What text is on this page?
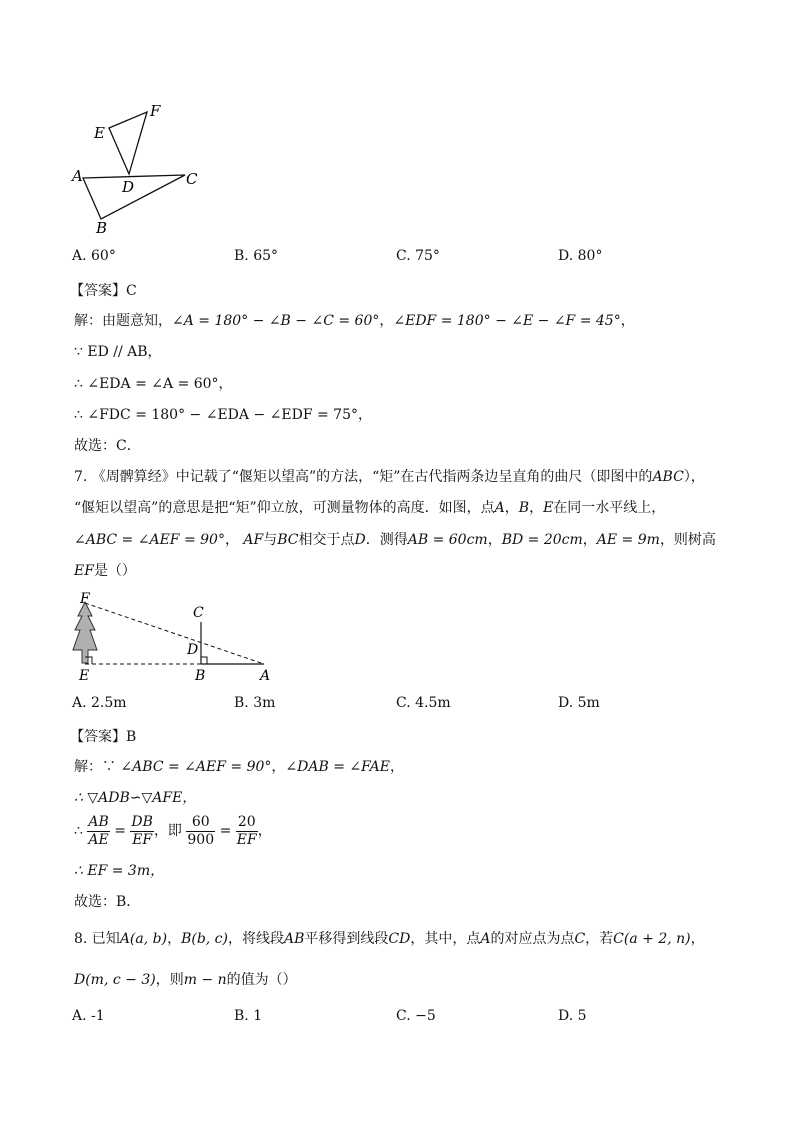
A
B
C
D
E
F
A. 60°	B. 65°	C. 75°	D. 80°
【答案】C
解：由题意知，∠A = 180° − ∠B − ∠C = 60°，∠EDF = 180° − ∠E − ∠F = 45°，
∵ ED // AB，
∴ ∠EDA = ∠A = 60°，
∴ ∠FDC = 180° − ∠EDA − ∠EDF = 75°，
故选：C．
7. 《周髀算经》中记载了“偃矩以望高”的方法，“矩”在古代指两条边呈直角的曲尺（即图中的ABC），
“偃矩以望高”的意思是把“矩”仰立放，可测量物体的高度．如图，点A，B，E在同一水平线上，
∠ABC = ∠AEF = 90°， AF与BC相交于点D．测得AB = 60cm，BD = 20cm，AE = 9m，则树高
EF是（）
F
C
D
E	B	A
A. 2.5m	B. 3m	C. 4.5m	D. 5m
【答案】B
解：∵ ∠ABC = ∠AEF = 90°，∠DAB = ∠FAE，
∴ ▽ADB∽▽AFE，
∴ $\frac{AB}{AE} = \frac{DB}{EF}$ ，即 $\frac{60}{900} = \frac{20}{EF}$ ，
∴ EF = 3m，
故选：B．
8. 已知A(a, b)，B(b, c)，将线段AB平移得到线段CD，其中，点A的对应点为点C，若C(a + 2, n)，
D(m, c − 3)，则m − n的值为（）
A. -1	B. 1	C. −5	D. 5
